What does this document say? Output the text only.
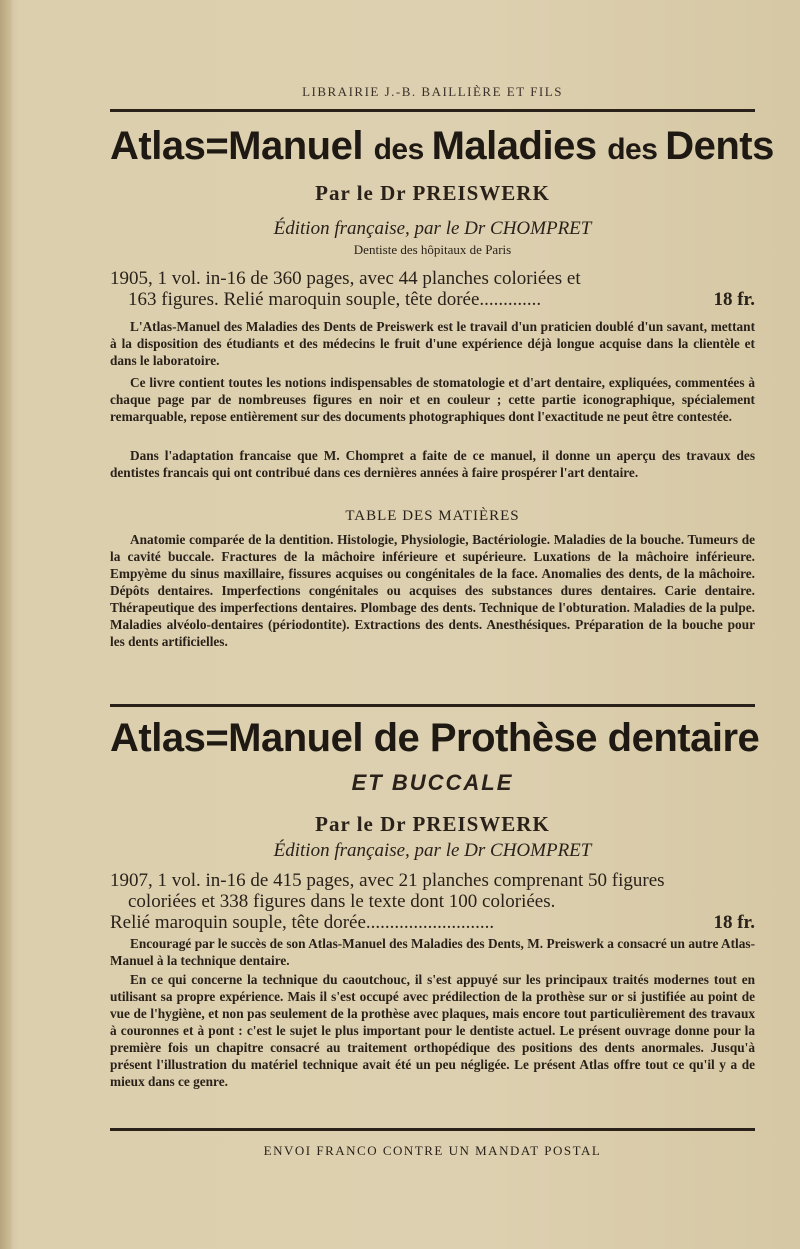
LIBRAIRIE J.-B. BAILLIÈRE ET FILS
Atlas=Manuel des Maladies des Dents
Par le Dr PREISWERK
Édition française, par le Dr CHOMPRET
Dentiste des hôpitaux de Paris
1905, 1 vol. in-16 de 360 pages, avec 44 planches coloriées et
18 fr.
163 figures. Relié maroquin souple, tête dorée.............
L'Atlas-Manuel des Maladies des Dents de Preiswerk est le travail d'un praticien doublé d'un savant, mettant à la disposition des étudiants et des médecins le fruit d'une expérience déjà longue acquise dans la clientèle et dans le laboratoire.
Ce livre contient toutes les notions indispensables de stomatologie et d'art dentaire, expliquées, commentées à chaque page par de nombreuses figures en noir et en couleur ; cette partie iconographique, spécialement remarquable, repose entièrement sur des documents photographiques dont l'exactitude ne peut être contestée.
Dans l'adaptation francaise que M. Chompret a faite de ce manuel, il donne un aperçu des travaux des dentistes francais qui ont contribué dans ces dernières années à faire prospérer l'art dentaire.
TABLE DES MATIÈRES
Anatomie comparée de la dentition. Histologie, Physiologie, Bactériologie. Maladies de la bouche. Tumeurs de la cavité buccale. Fractures de la mâchoire inférieure et supérieure. Luxations de la mâchoire inférieure. Empyème du sinus maxillaire, fissures acquises ou congénitales de la face. Anomalies des dents, de la mâchoire. Dépôts dentaires. Imperfections congénitales ou acquises des substances dures dentaires. Carie dentaire. Thérapeutique des imperfections dentaires. Plombage des dents. Technique de l'obturation. Maladies de la pulpe. Maladies alvéolo-dentaires (périodontite). Extractions des dents. Anesthésiques. Préparation de la bouche pour les dents artificielles.
Atlas=Manuel de Prothèse dentaire
ET BUCCALE
Par le Dr PREISWERK
Édition française, par le Dr CHOMPRET
1907, 1 vol. in-16 de 415 pages, avec 21 planches comprenant 50 figures
coloriées et 338 figures dans le texte dont 100 coloriées.
18 fr.
Relié maroquin souple, tête dorée...........................
Encouragé par le succès de son Atlas-Manuel des Maladies des Dents, M. Preiswerk a consacré un autre Atlas-Manuel à la technique dentaire.
En ce qui concerne la technique du caoutchouc, il s'est appuyé sur les principaux traités modernes tout en utilisant sa propre expérience. Mais il s'est occupé avec prédilection de la prothèse sur or si justifiée au point de vue de l'hygiène, et non pas seulement de la prothèse avec plaques, mais encore tout particulièrement des travaux à couronnes et à pont : c'est le sujet le plus important pour le dentiste actuel. Le présent ouvrage donne pour la première fois un chapitre consacré au traitement orthopédique des positions des dents anormales. Jusqu'à présent l'illustration du matériel technique avait été un peu négligée. Le présent Atlas offre tout ce qu'il y a de mieux dans ce genre.
ENVOI FRANCO CONTRE UN MANDAT POSTAL
